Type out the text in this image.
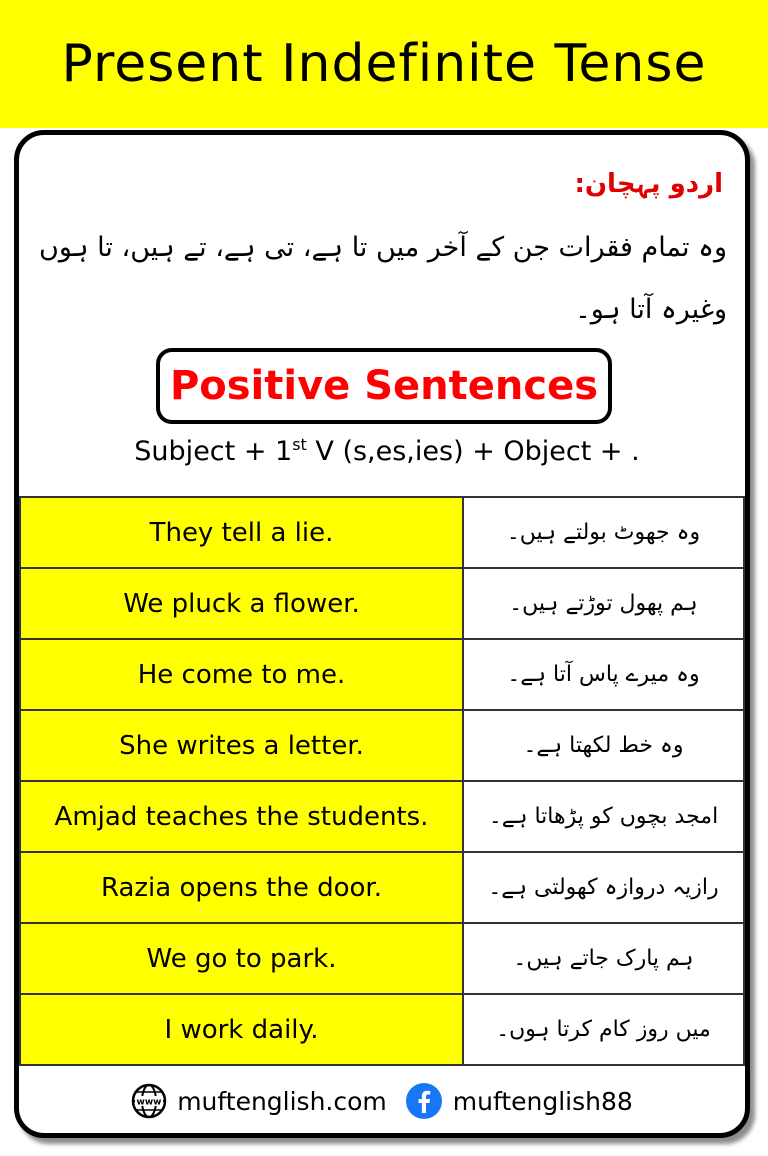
Present Indefinite Tense
اردو پہچان:
وہ تمام فقرات جن کے آخر میں تا ہے، تی ہے، تے ہیں، تا ہوں وغیرہ آتا ہو۔
Positive Sentences
Subject + 1st V (s,es,ies) + Object + .
They tell a lie.	وہ جھوٹ بولتے ہیں۔
We pluck a flower.	ہم پھول توڑتے ہیں۔
He come to me.	وہ میرے پاس آتا ہے۔
She writes a letter.	وہ خط لکھتا ہے۔
Amjad teaches the students.	امجد بچوں کو پڑھاتا ہے۔
Razia opens the door.	رازیہ دروازہ کھولتی ہے۔
We go to park.	ہم پارک جاتے ہیں۔
I work daily.	میں روز کام کرتا ہوں۔
www muftenglish.com	muftenglish88
